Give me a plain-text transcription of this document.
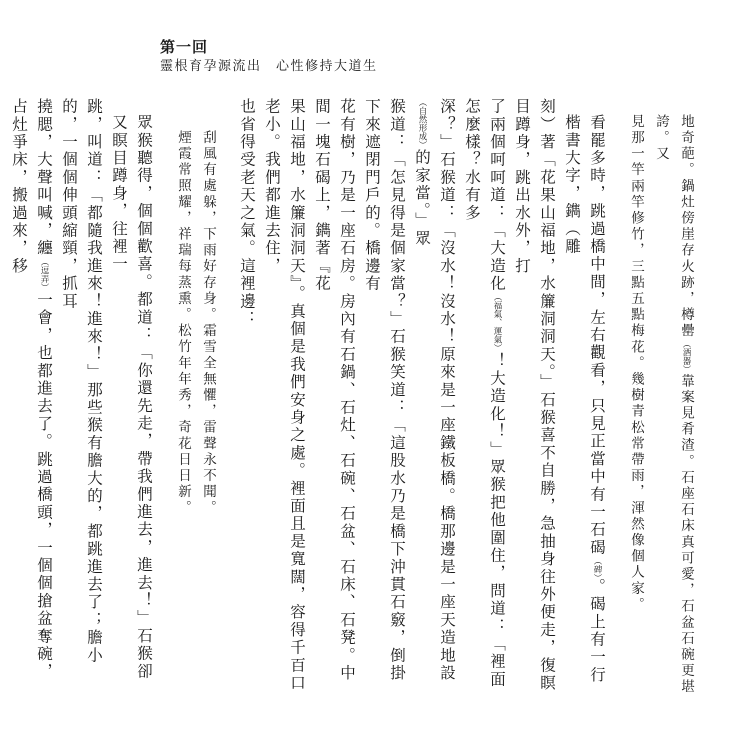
第一回
靈根育孕源流出　心性修持大道生
地奇葩。鍋灶傍崖存火跡，樽罍（酒器）靠案見肴渣。石座石床真可愛，石盆石碗更堪誇。又
見那一竿兩竿修竹，三點五點梅花。幾樹青松常帶雨，渾然像個人家。
看罷多時，跳過橋中間，左右觀看，只見正當中有一石碣（碑）。碣上有一行楷書大字，鐫（雕
刻）著「花果山福地，水簾洞洞天。」石猴喜不自勝，急抽身往外便走，復瞑目蹲身，跳出水外，打
了兩個呵呵道：「大造化（福氣、運氣）！大造化！」眾猴把他圍住，問道：「裡面怎麼樣？水有多
深？」石猴道：「沒水！沒水！原來是一座鐵板橋。橋那邊是一座天造地設（自然形成）的家當。」眾
猴道：「怎見得是個家當？」石猴笑道：「這股水乃是橋下沖貫石竅，倒掛下來遮閉門戶的。橋邊有
花有樹，乃是一座石房。房內有石鍋、石灶、石碗、石盆、石床、石凳。中間一塊石碣上，鐫著『花
果山福地，水簾洞洞天』。真個是我們安身之處。裡面且是寬闊，容得千百口老小。我們都進去住，
也省得受老天之氣。這裡邊：
刮風有處躲，下雨好存身。霜雪全無懼，雷聲永不聞。
煙霞常照耀，祥瑞每蒸熏。松竹年年秀，奇花日日新。
眾猴聽得，個個歡喜。都道：「你還先走，帶我們進去，進去！」石猴卻又瞑目蹲身，往裡一
跳，叫道：「都隨我進來！進來！」那些猴有膽大的，都跳進去了；膽小的，一個個伸頭縮頸，抓耳
撓腮，大聲叫喊，纏（逗弄）一會，也都進去了。跳過橋頭，一個個搶盆奪碗，占灶爭床，搬過來，移
